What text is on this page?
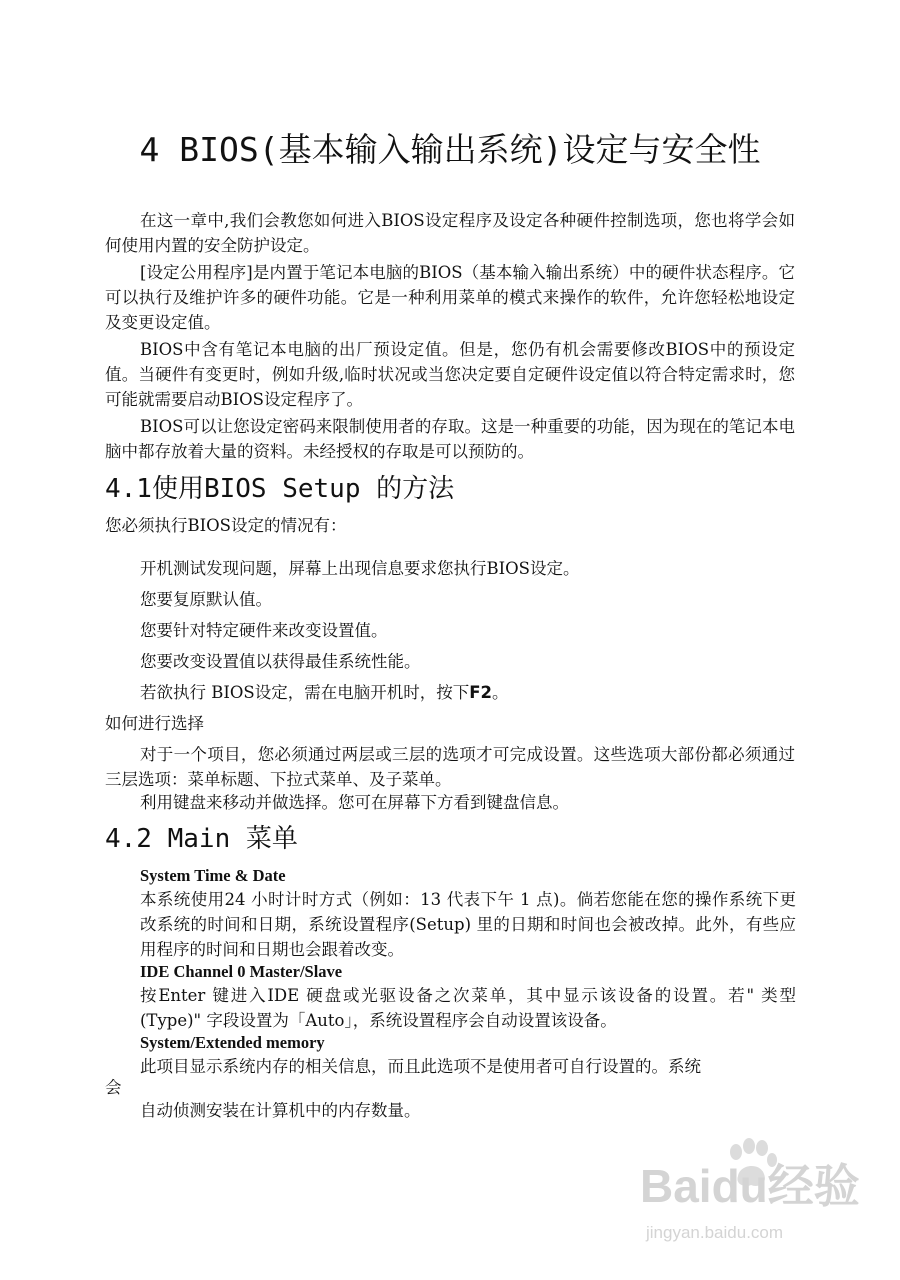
4 BIOS(基本输入输出系统)设定与安全性

在这一章中,我们会教您如何进入BIOS设定程序及设定各种硬件控制选项，您也将学会如何使用内置的安全防护设定。

[设定公用程序]是内置于笔记本电脑的BIOS（基本输入输出系统）中的硬件状态程序。它可以执行及维护许多的硬件功能。它是一种利用菜单的模式来操作的软件，允许您轻松地设定及变更设定值。

BIOS中含有笔记本电脑的出厂预设定值。但是，您仍有机会需要修改BIOS中的预设定值。当硬件有变更时，例如升级,临时状况或当您决定要自定硬件设定值以符合特定需求时，您可能就需要启动BIOS设定程序了。

BIOS可以让您设定密码来限制使用者的存取。这是一种重要的功能，因为现在的笔记本电脑中都存放着大量的资料。未经授权的存取是可以预防的。

4.1使用BIOS Setup 的方法

您必须执行BIOS设定的情况有：

开机测试发现问题，屏幕上出现信息要求您执行BIOS设定。

您要复原默认值。

您要针对特定硬件来改变设置值。

您要改变设置值以获得最佳系统性能。

若欲执行 BIOS设定，需在电脑开机时，按下F2。

如何进行选择

对于一个项目，您必须通过两层或三层的选项才可完成设置。这些选项大部份都必须通过三层选项：菜单标题、下拉式菜单、及子菜单。

利用键盘来移动并做选择。您可在屏幕下方看到键盘信息。

4.2 Main 菜单

System Time & Date

本系统使用24 小时计时方式（例如：13 代表下午 1 点)。倘若您能在您的操作系统下更改系统的时间和日期，系统设置程序(Setup) 里的日期和时间也会被改掉。此外，有些应用程序的时间和日期也会跟着改变。

IDE Channel 0 Master/Slave

按Enter 键进入IDE 硬盘或光驱设备之次菜单，其中显示该设备的设置。若" 类型(Type)" 字段设置为「Auto」，系统设置程序会自动设置该设备。

System/Extended memory

此项目显示系统内存的相关信息，而且此选项不是使用者可自行设置的。系统

会

自动侦测安装在计算机中的内存数量。

Baidu经验
jingyan.baidu.com
